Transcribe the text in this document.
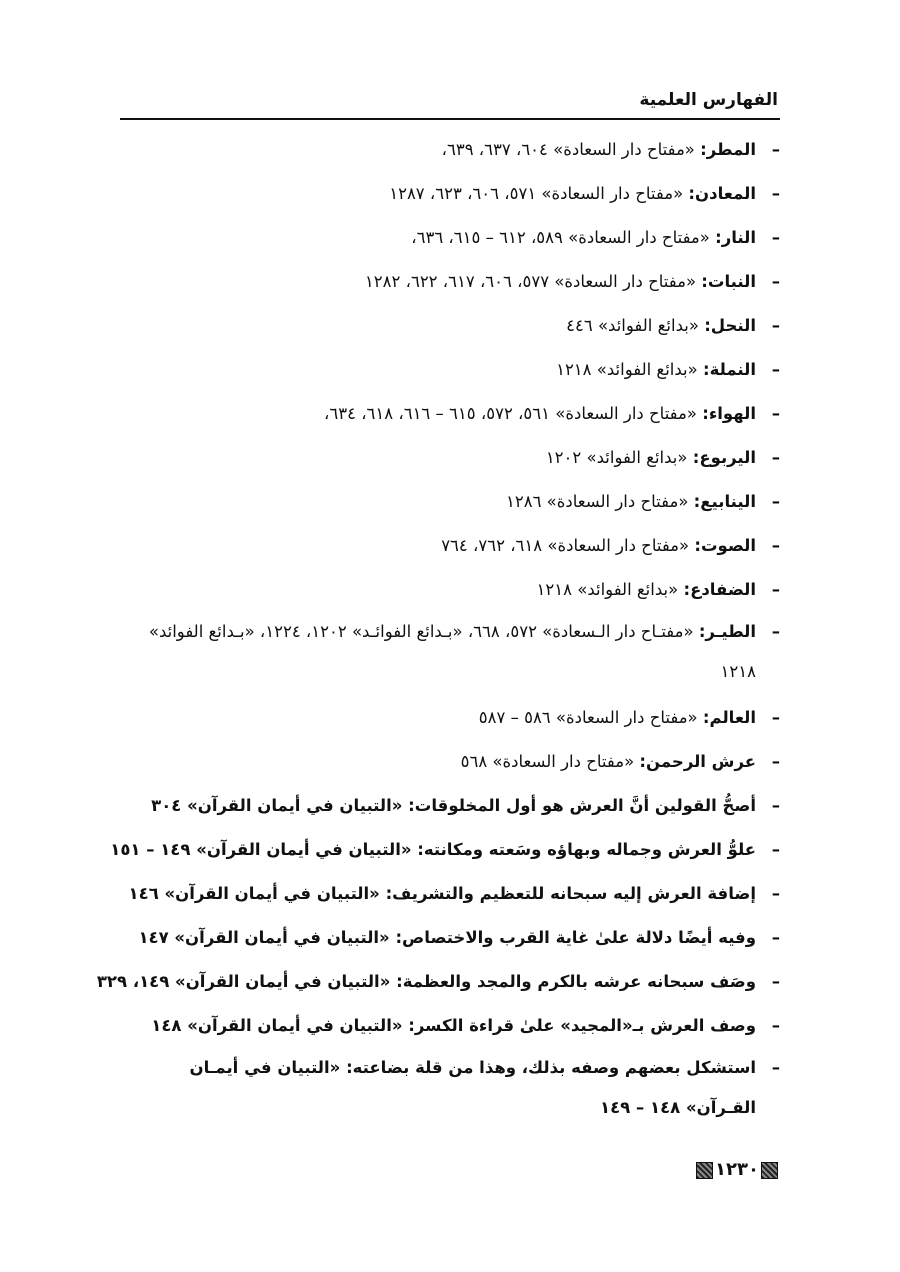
الفهارس العلمية
–
المطر: «مفتاح دار السعادة» ٦٠٤، ٦٣٧، ٦٣٩،
–
المعادن: «مفتاح دار السعادة» ٥٧١، ٦٠٦، ٦٢٣، ١٢٨٧
–
النار: «مفتاح دار السعادة» ٥٨٩، ٦١٢ – ٦١٥، ٦٣٦،
–
النبات: «مفتاح دار السعادة» ٥٧٧، ٦٠٦، ٦١٧، ٦٢٢، ١٢٨٢
–
النحل: «بدائع الفوائد» ٤٤٦
–
النملة: «بدائع الفوائد» ١٢١٨
–
الهواء: «مفتاح دار السعادة» ٥٦١، ٥٧٢، ٦١٥ – ٦١٦، ٦١٨، ٦٣٤،
–
اليربوع: «بدائع الفوائد» ١٢٠٢
–
الينابيع: «مفتاح دار السعادة» ١٢٨٦
–
الصوت: «مفتاح دار السعادة» ٦١٨، ٧٦٢، ٧٦٤
–
الضفادع: «بدائع الفوائد» ١٢١٨
–
الطيـر: «مفتـاح دار الـسعادة» ٥٧٢، ٦٦٨، «بـدائع الفوائـد» ١٢٠٢، ١٢٢٤، «بـدائع الفوائد» ١٢١٨
–
العالم: «مفتاح دار السعادة» ٥٨٦ – ٥٨٧
–
عرش الرحمن: «مفتاح دار السعادة» ٥٦٨
–
أصحُّ القولين أنَّ العرش هو أول المخلوقات: «التبيان في أيمان القرآن» ٣٠٤
–
علوُّ العرش وجماله وبهاؤه وسَعته ومكانته: «التبيان في أيمان القرآن» ١٤٩ – ١٥١
–
إضافة العرش إليه سبحانه للتعظيم والتشريف: «التبيان في أيمان القرآن» ١٤٦
–
وفيه أيضًا دلالة علىٰ غاية القرب والاختصاص: «التبيان في أيمان القرآن» ١٤٧
–
وصَف سبحانه عرشه بالكرم والمجد والعظمة: «التبيان في أيمان القرآن» ١٤٩، ٣٢٩
–
وصف العرش بـ«المجيد» علىٰ قراءة الكسر: «التبيان في أيمان القرآن» ١٤٨
–
استشكل بعضهم وصفه بذلك، وهذا من قلة بضاعته: «التبيان في أيمـان القـرآن» ١٤٨ – ١٤٩
١٢٣٠
